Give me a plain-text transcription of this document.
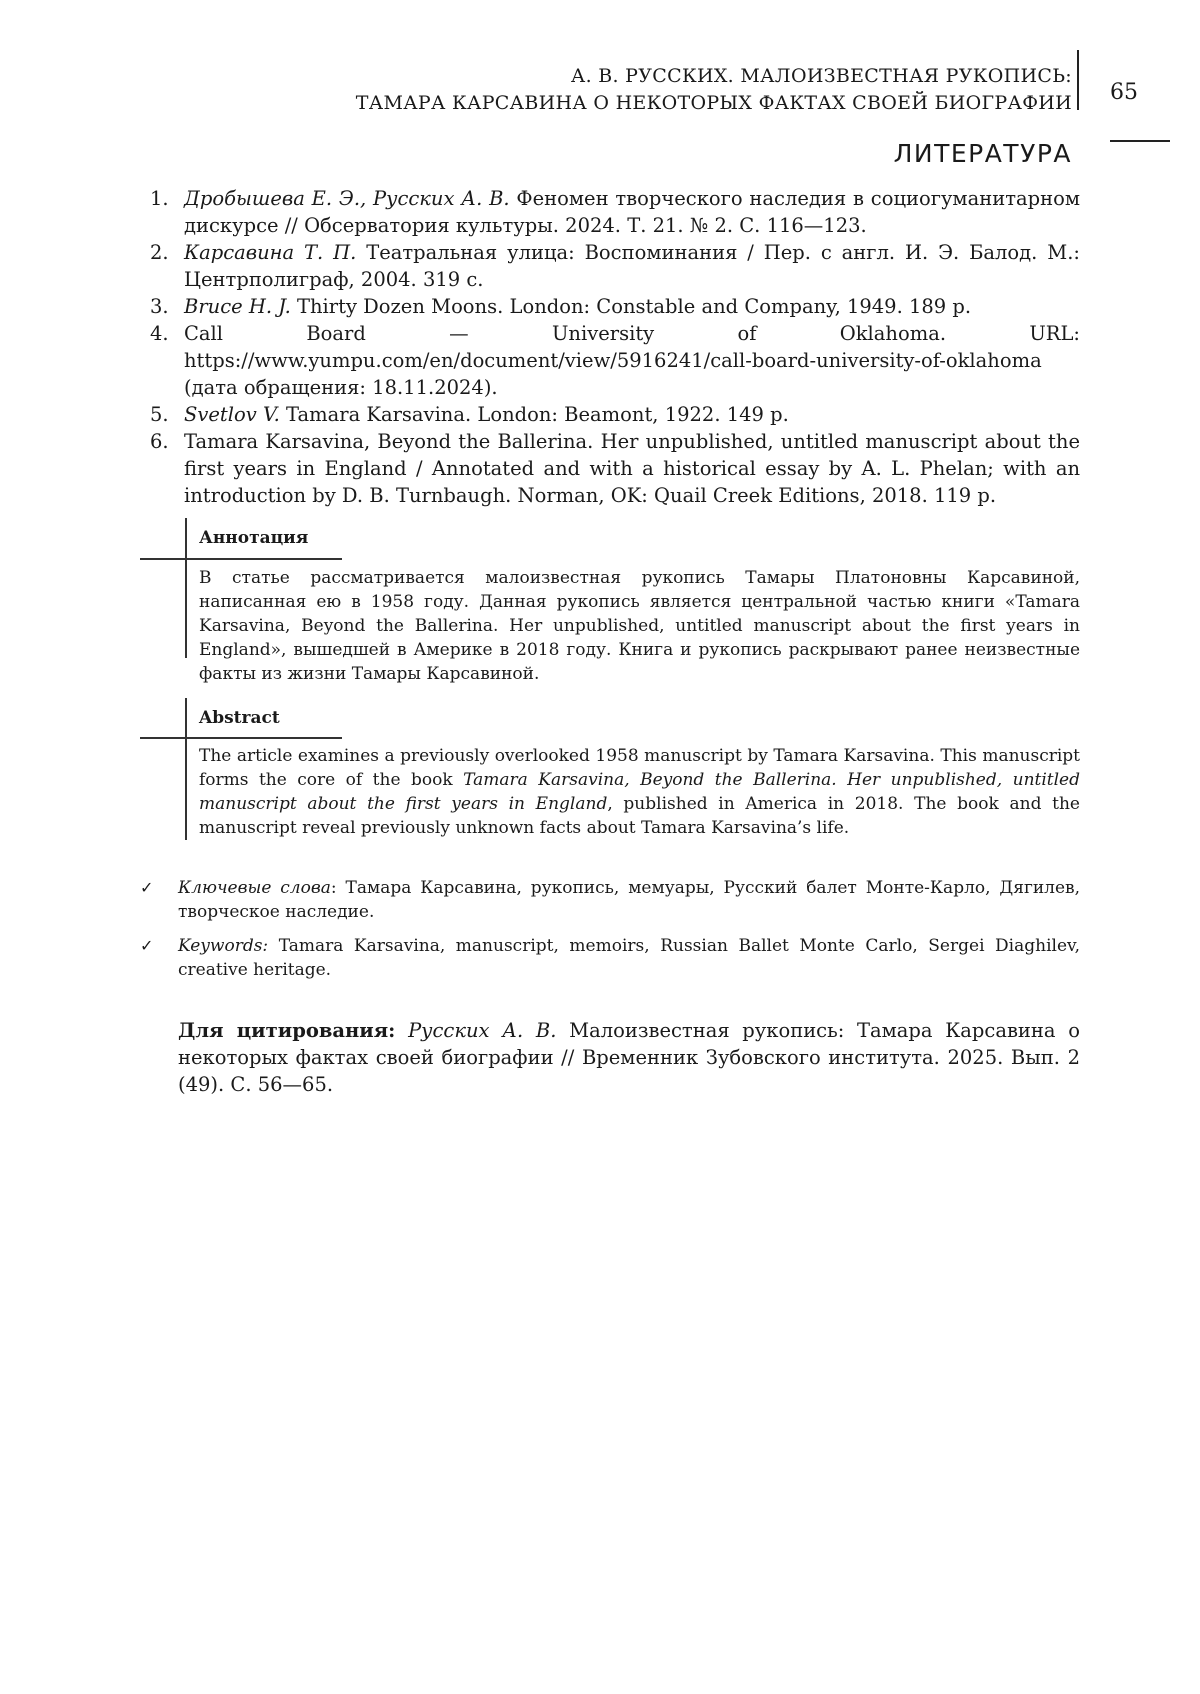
А. В. РУССКИХ. МАЛОИЗВЕСТНАЯ РУКОПИСЬ:
ТАМАРА КАРСАВИНА О НЕКОТОРЫХ ФАКТАХ СВОЕЙ БИОГРАФИИ 65
ЛИТЕРАТУРА
1. Дробышева Е. Э., Русских А. В. Феномен творческого наследия в социогуманитарном дискурсе // Обсерватория культуры. 2024. Т. 21. № 2. С. 116—123.
2. Карсавина Т. П. Театральная улица: Воспоминания / Пер. с англ. И. Э. Балод. М.: Центрполиграф, 2004. 319 с.
3. Bruce H. J. Thirty Dozen Moons. London: Constable and Company, 1949. 189 p.
4. Call Board — University of Oklahoma. URL: https://www.yumpu.com/en/document/view/5916241/call-board-university-of-oklahoma (дата обращения: 18.11.2024).
5. Svetlov V. Tamara Karsavina. London: Beamont, 1922. 149 p.
6. Tamara Karsavina, Beyond the Ballerina. Her unpublished, untitled manuscript about the first years in England / Annotated and with a historical essay by A. L. Phelan; with an introduction by D. B. Turnbaugh. Norman, OK: Quail Creek Editions, 2018. 119 p.
Аннотация

В статье рассматривается малоизвестная рукопись Тамары Платоновны Карсавиной, написанная ею в 1958 году. Данная рукопись является центральной частью книги «Tamara Karsavina, Beyond the Ballerina. Her unpublished, untitled manuscript about the first years in England», вышедшей в Америке в 2018 году. Книга и рукопись раскрывают ранее неизвестные факты из жизни Тамары Карсавиной.

Abstract

The article examines a previously overlooked 1958 manuscript by Tamara Karsavina. This manuscript forms the core of the book Tamara Karsavina, Beyond the Ballerina. Her unpublished, untitled manuscript about the first years in England, published in America in 2018. The book and the manuscript reveal previously unknown facts about Tamara Karsavina’s life.

✓	Ключевые слова: Тамара Карсавина, рукопись, мемуары, Русский балет Монте-Карло, Дягилев, творческое наследие.
✓	Keywords: Tamara Karsavina, manuscript, memoirs, Russian Ballet Monte Carlo, Sergei Diaghilev, creative heritage.
Для цитирования: Русских А. В. Малоизвестная рукопись: Тамара Карсавина о некоторых фактах своей биографии // Временник Зубовского института. 2025. Вып. 2 (49). С. 56—65.
